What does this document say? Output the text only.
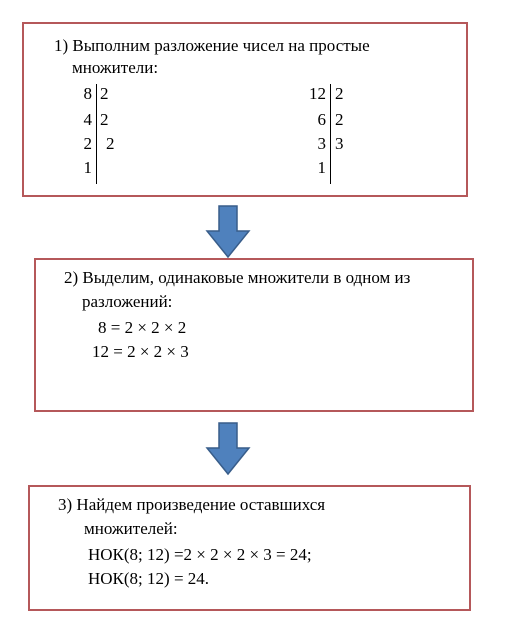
1) Выполним разложение чисел на простые
множители:
8 2
4 2
2 2
1
12 2
6 2
3 3
1
2) Выделим, одинаковые множители в одном из
разложений:
8 = 2 × 2 × 2
12 = 2 × 2 × 3
3) Найдем произведение оставшихся
множителей:
НОК(8; 12) =2 × 2 × 2 × 3 = 24;
НОК(8; 12) = 24.
